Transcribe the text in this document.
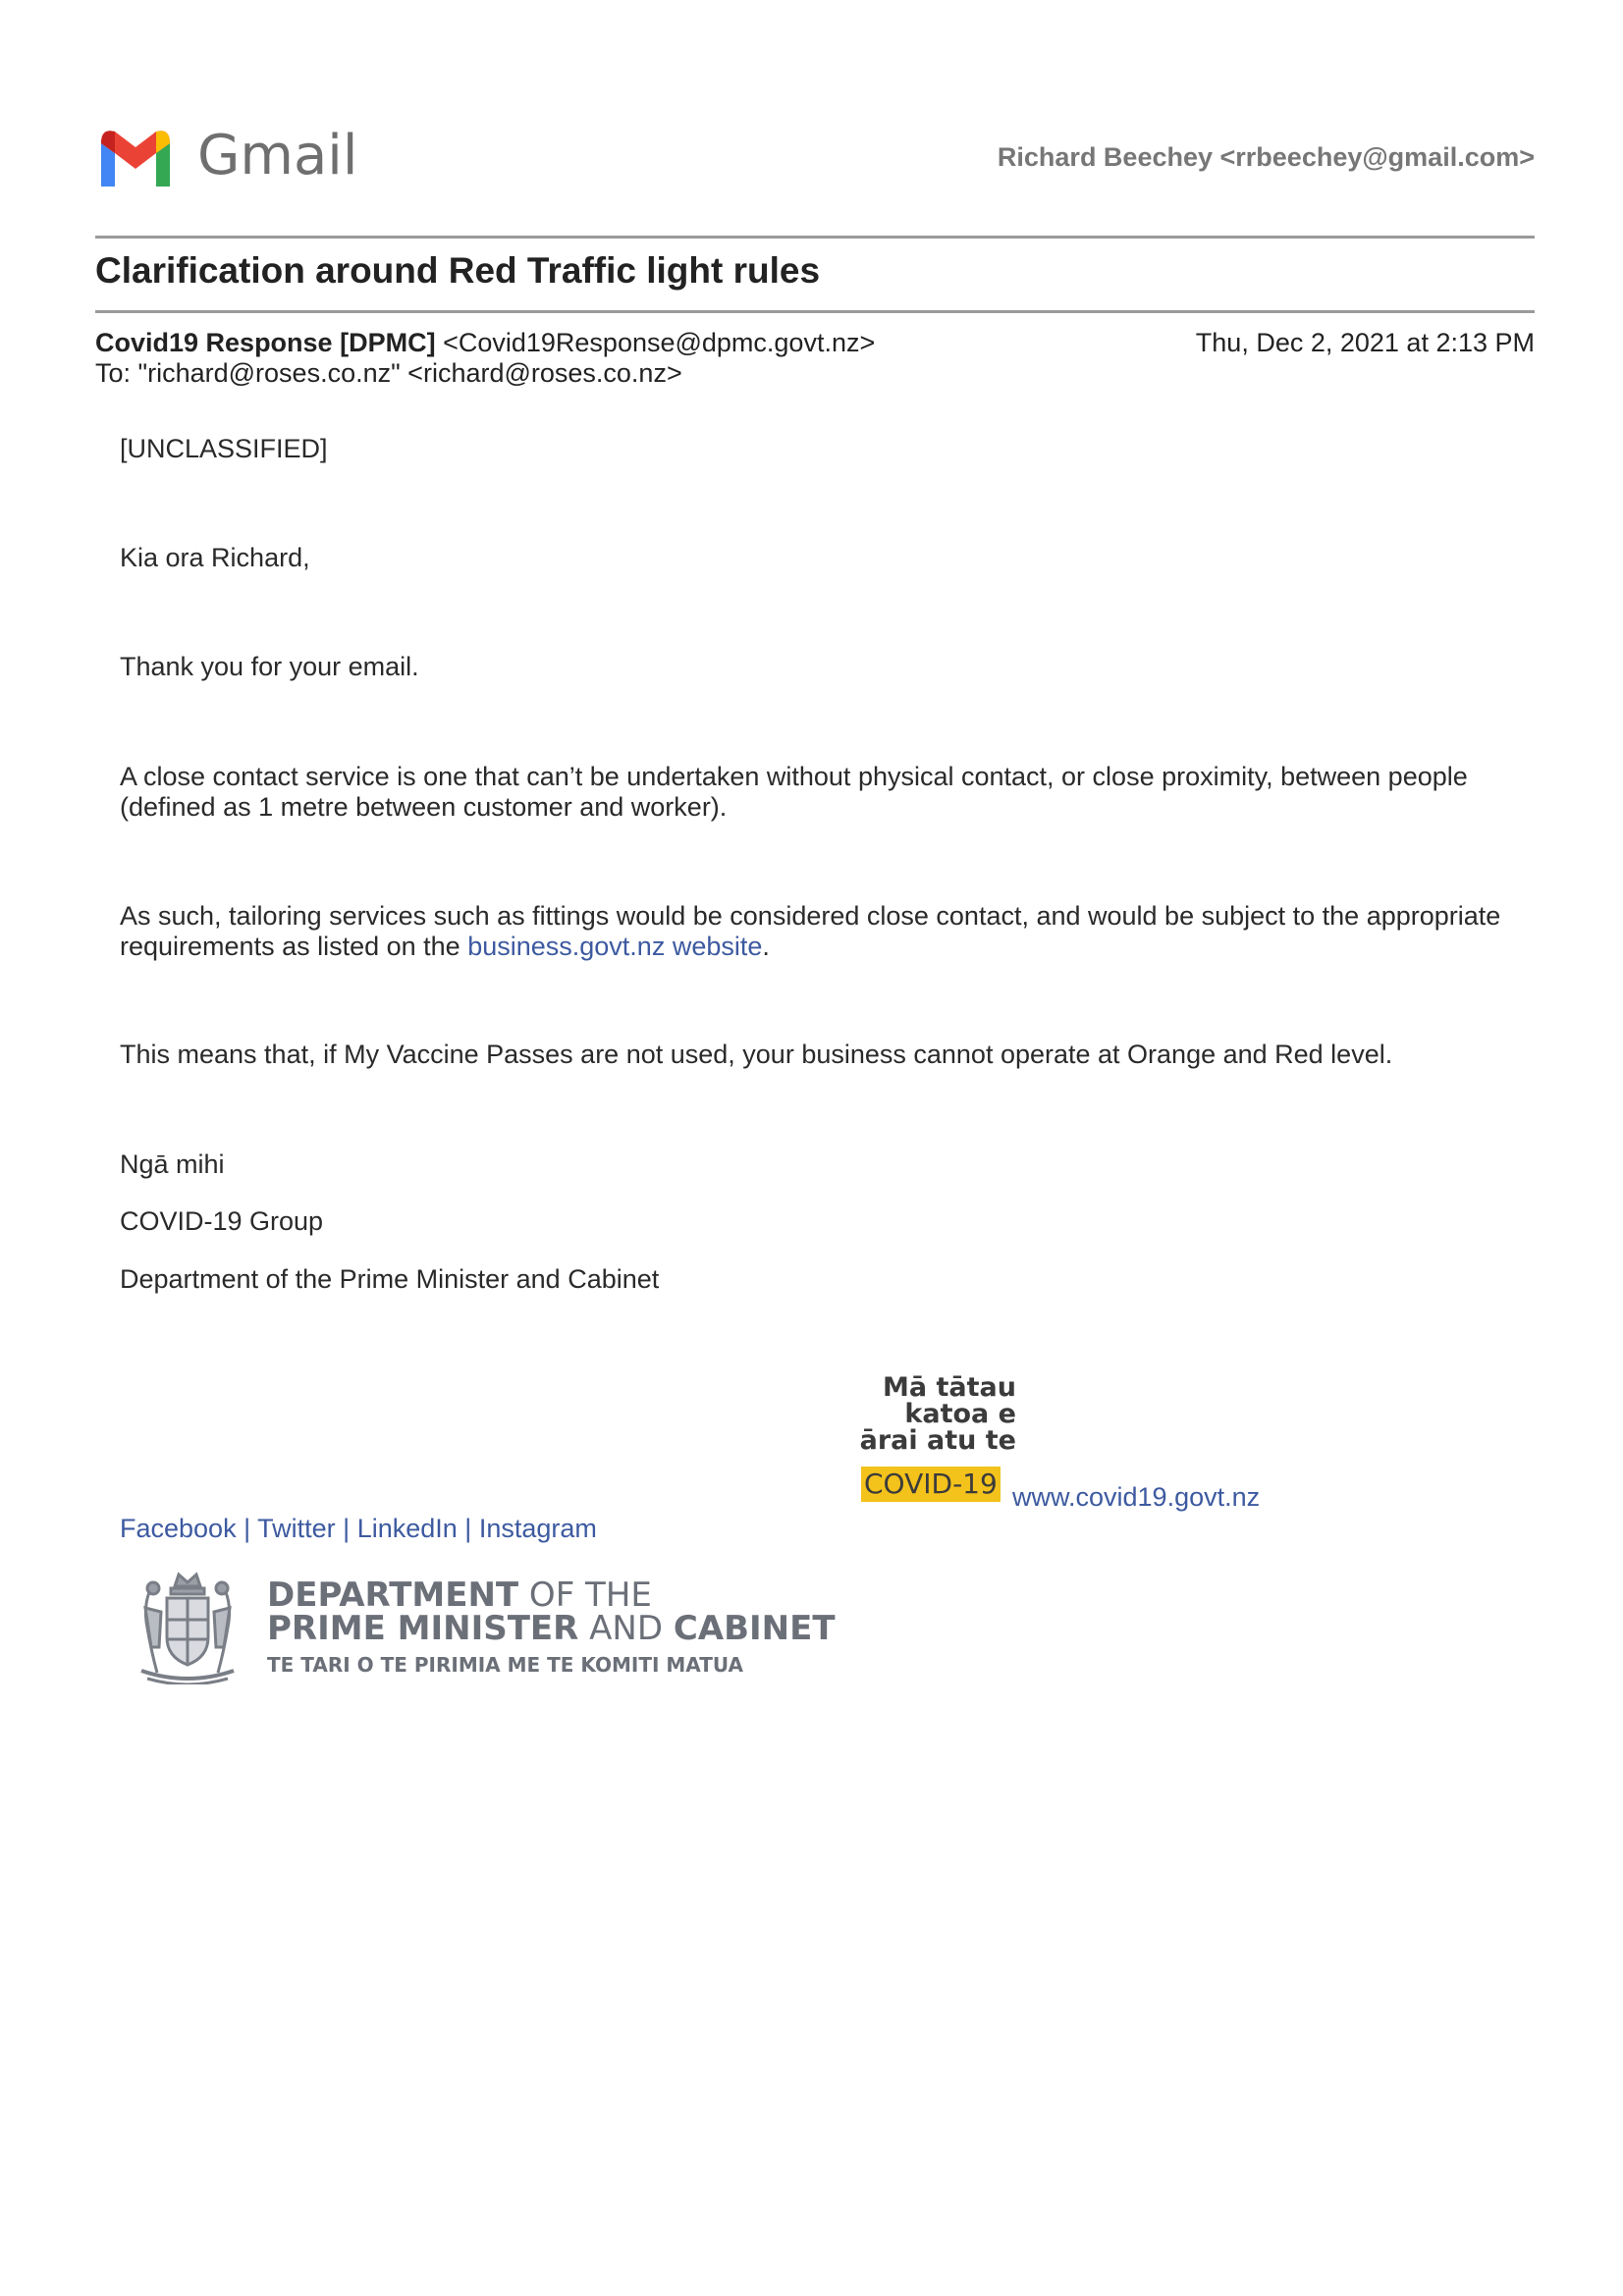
Gmail	Richard Beechey <rrbeechey@gmail.com>
Clarification around Red Traffic light rules
Covid19 Response [DPMC] <Covid19Response@dpmc.govt.nz>	Thu, Dec 2, 2021 at 2:13 PM
To: "richard@roses.co.nz" <richard@roses.co.nz>
[UNCLASSIFIED]
Kia ora Richard,
Thank you for your email.
A close contact service is one that can’t be undertaken without physical contact, or close proximity, between people (defined as 1 metre between customer and worker).
As such, tailoring services such as fittings would be considered close contact, and would be subject to the appropriate requirements as listed on the business.govt.nz website.
This means that, if My Vaccine Passes are not used, your business cannot operate at Orange and Red level.
Ngā mihi
COVID-19 Group
Department of the Prime Minister and Cabinet
Mā tātau
katoa e
ārai atu te
COVID-19 www.covid19.govt.nz
Facebook | Twitter | LinkedIn | Instagram
DEPARTMENT OF THE
PRIME MINISTER AND CABINET
TE TARI O TE PIRIMIA ME TE KOMITI MATUA
